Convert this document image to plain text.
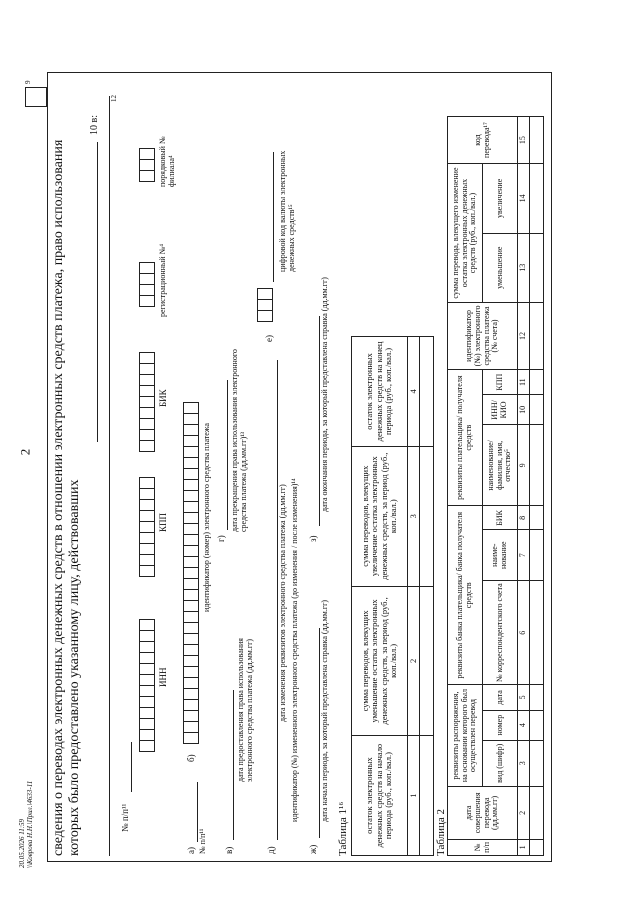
2
20.05.2026 11:59 \\Коврова Н.Н.\Прил.\4633-11 сведения о переводах электронных денежных средств в отношении электронных средств платежа, право использования которых было предоставлено указанному лицу, действовавших
9
10 в:
12
№ п/п¹¹
ИНН
КПП
БИК
регистрационный №⁴
порядковый № филиала⁴
а) № п/п¹¹
б)
идентификатор (номер) электронного средства платежа
в)
дата предоставления права использования электронного средства платежа (дд.мм.гг)
г)
дата прекращения права использования электронного средства платежа (дд.мм.гг)¹³
д)
дата изменения реквизитов электронного средства платежа (дд.мм.гг) идентификатор (№) измененного электронного средства платежа (до изменения / после изменения)¹⁴
е)
цифровой код валюты электронных денежных средств¹⁵
ж)
дата начала периода, за который представлена справка (дд.мм.гг)
з)
дата окончания периода, за который представлена справка (дд.мм.гг)
Таблица 1¹⁶ остаток электронных денежных средств на начало периода (руб., коп./вал.)	сумма переводов, влекущих уменьшение остатка электронных денежных средств, за период (руб., коп./вал.)	сумма переводов, влекущих увеличение остатка электронных денежных средств, за период (руб., коп./вал.)	остаток электронных денежных средств на конец периода (руб., коп./вал.)
1	2	3	4

Таблица 2	№ п/п	дата совершения перевода (дд.мм.гг)	реквизиты распоряжения, на основании которого был осуществлен перевод			реквизиты банка плательщика/ банка получателя средств			реквизиты плательщика/ получателя средств			идентификатор (№) электронного средства платежа (№ счета)	сумма перевода, влекущего изменение остатка электронных денежных средств (руб., коп./вал.)		код перевода¹⁷
		вид (шифр)	номер	дата	№ корреспондентского счета	наиме-нование	БИК	наименование/ фамилия, имя, отчество⁵	ИНН/ КИО	КПП		уменьшение	увеличение	
1	2	3	4	5	6	7	8	9	10	11	12	13	14	15
